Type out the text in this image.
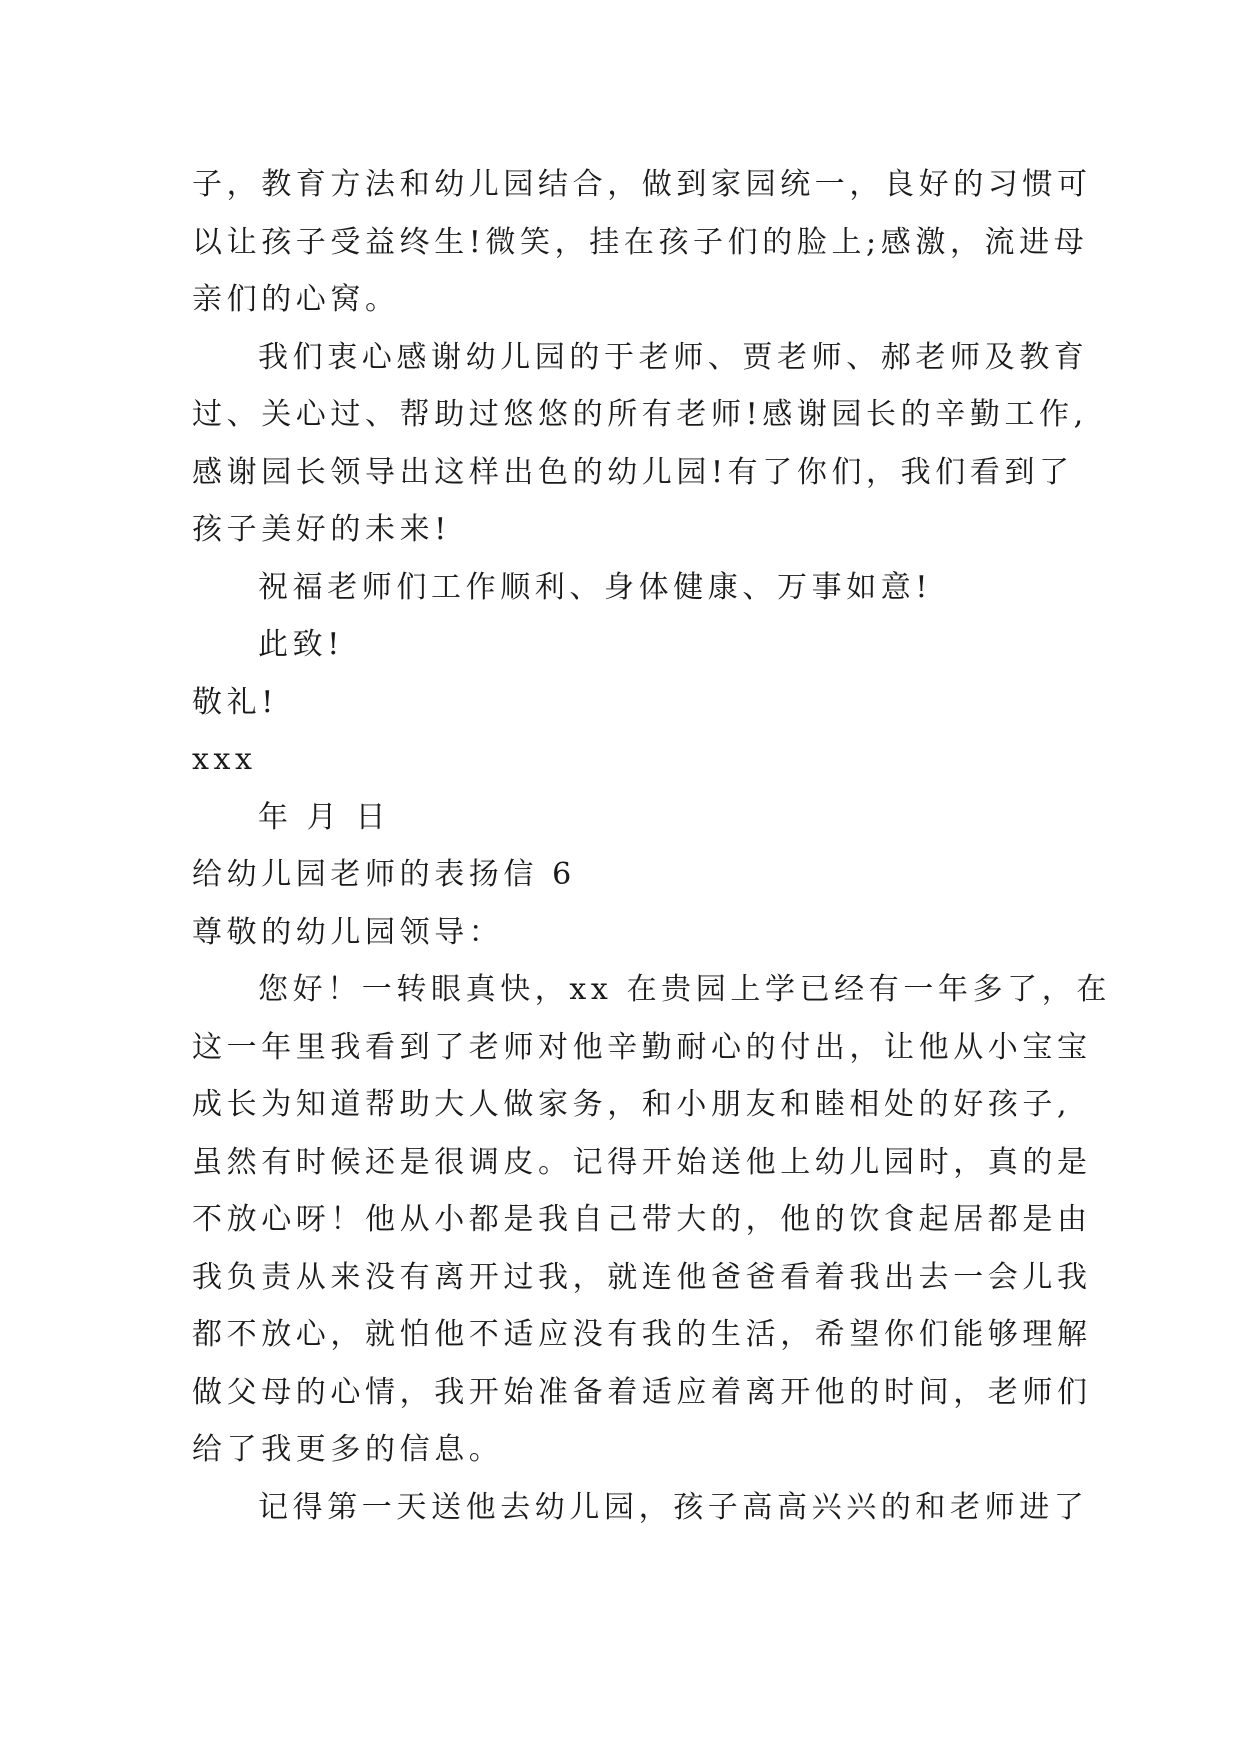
子，教育方法和幼儿园结合，做到家园统一，良好的习惯可
以让孩子受益终生!微笑，挂在孩子们的脸上;感激，流进母
亲们的心窝。
我们衷心感谢幼儿园的于老师、贾老师、郝老师及教育
过、关心过、帮助过悠悠的所有老师!感谢园长的辛勤工作,
感谢园长领导出这样出色的幼儿园!有了你们，我们看到了
孩子美好的未来!
祝福老师们工作顺利、身体健康、万事如意!
此致!
敬礼!
xxx
年 月 日
给幼儿园老师的表扬信 6
尊敬的幼儿园领导：
您好！一转眼真快，xx 在贵园上学已经有一年多了，在
这一年里我看到了老师对他辛勤耐心的付出，让他从小宝宝
成长为知道帮助大人做家务，和小朋友和睦相处的好孩子,
虽然有时候还是很调皮。记得开始送他上幼儿园时，真的是
不放心呀！他从小都是我自己带大的，他的饮食起居都是由
我负责从来没有离开过我，就连他爸爸看着我出去一会儿我
都不放心，就怕他不适应没有我的生活，希望你们能够理解
做父母的心情，我开始准备着适应着离开他的时间，老师们
给了我更多的信息。
记得第一天送他去幼儿园，孩子高高兴兴的和老师进了
